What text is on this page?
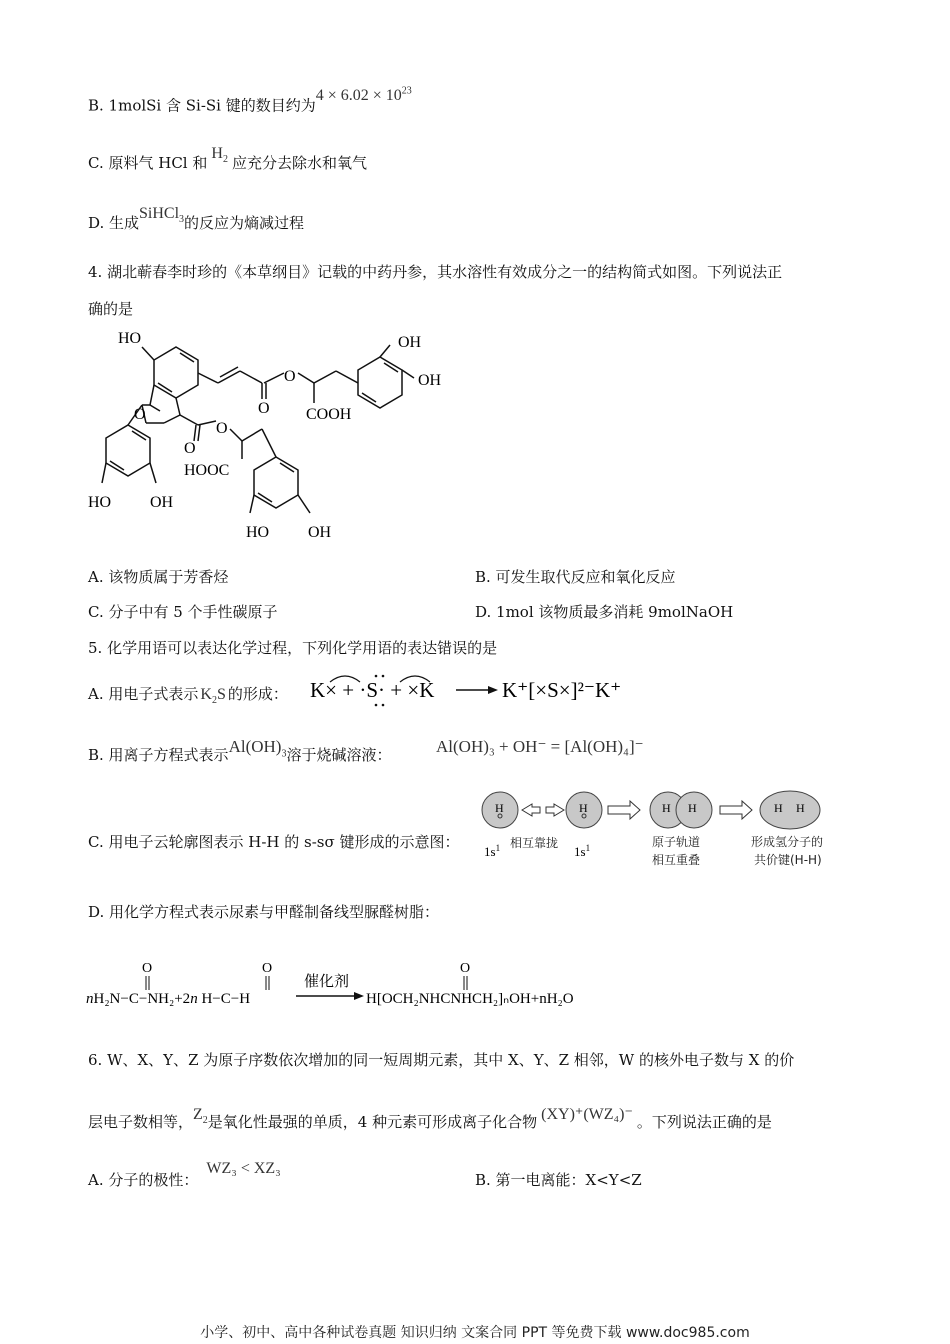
B. 1molSi 含 Si-Si 键的数目约为$4 \times 6.02 \times 10^{23}$
C. 原料气 HCl 和$H_2$ 应充分去除水和氧气
D. 生成SiHCl$_3$的反应为熵减过程
4. 湖北蕲春李时珍的《本草纲目》记载的中药丹参，其水溶性有效成分之一的结构简式如图。下列说法正
确的是
HO
O
O
O COOH
OH
OH
O
O
HOOC
HO OH
HO OH
A. 该物质属于芳香烃	B. 可发生取代反应和氧化反应
C. 分子中有 5 个手性碳原子	D. 1mol 该物质最多消耗 9molNaOH
5. 化学用语可以表达化学过程，下列化学用语的表达错误的是
A. 用电子式表示 $K_2S$ 的形成： K× + ·S· + ×K	K⁺[×S×]²⁻K⁺
B. 用离子方程式表示$Al(OH)_3$溶于烧碱溶液：	Al(OH)₃ + OH⁻ = [Al(OH)₄]⁻
C. 用电子云轮廓图表示 H-H 的 s-sσ 键形成的示意图：
H	H	H H	H H
$1s^1$ 相互靠拢
$1s^1$	原子轨道
相互重叠
形成氢分子的
共价键(H-H)
D. 用化学方程式表示尿素与甲醛制备线型脲醛树脂：
nH₂N−C−NH₂+2n H−C−H
O	O
催化剂
H[OCH₂NHCNHCH₂]ₙOH+nH₂O
O
6. W、X、Y、Z 为原子序数依次增加的同一短周期元素，其中 X、Y、Z 相邻，W 的核外电子数与 X 的价
层电子数相等，$Z_2$是氧化性最强的单质，4 种元素可形成离子化合物 (XY)⁺(WZ₄)⁻ 。下列说法正确的是
A. 分子的极性：WZ₃ < XZ₃
B. 第一电离能：X<Y<Z
小学、初中、高中各种试卷真题 知识归纳 文案合同 PPT 等免费下载 www.doc985.com
